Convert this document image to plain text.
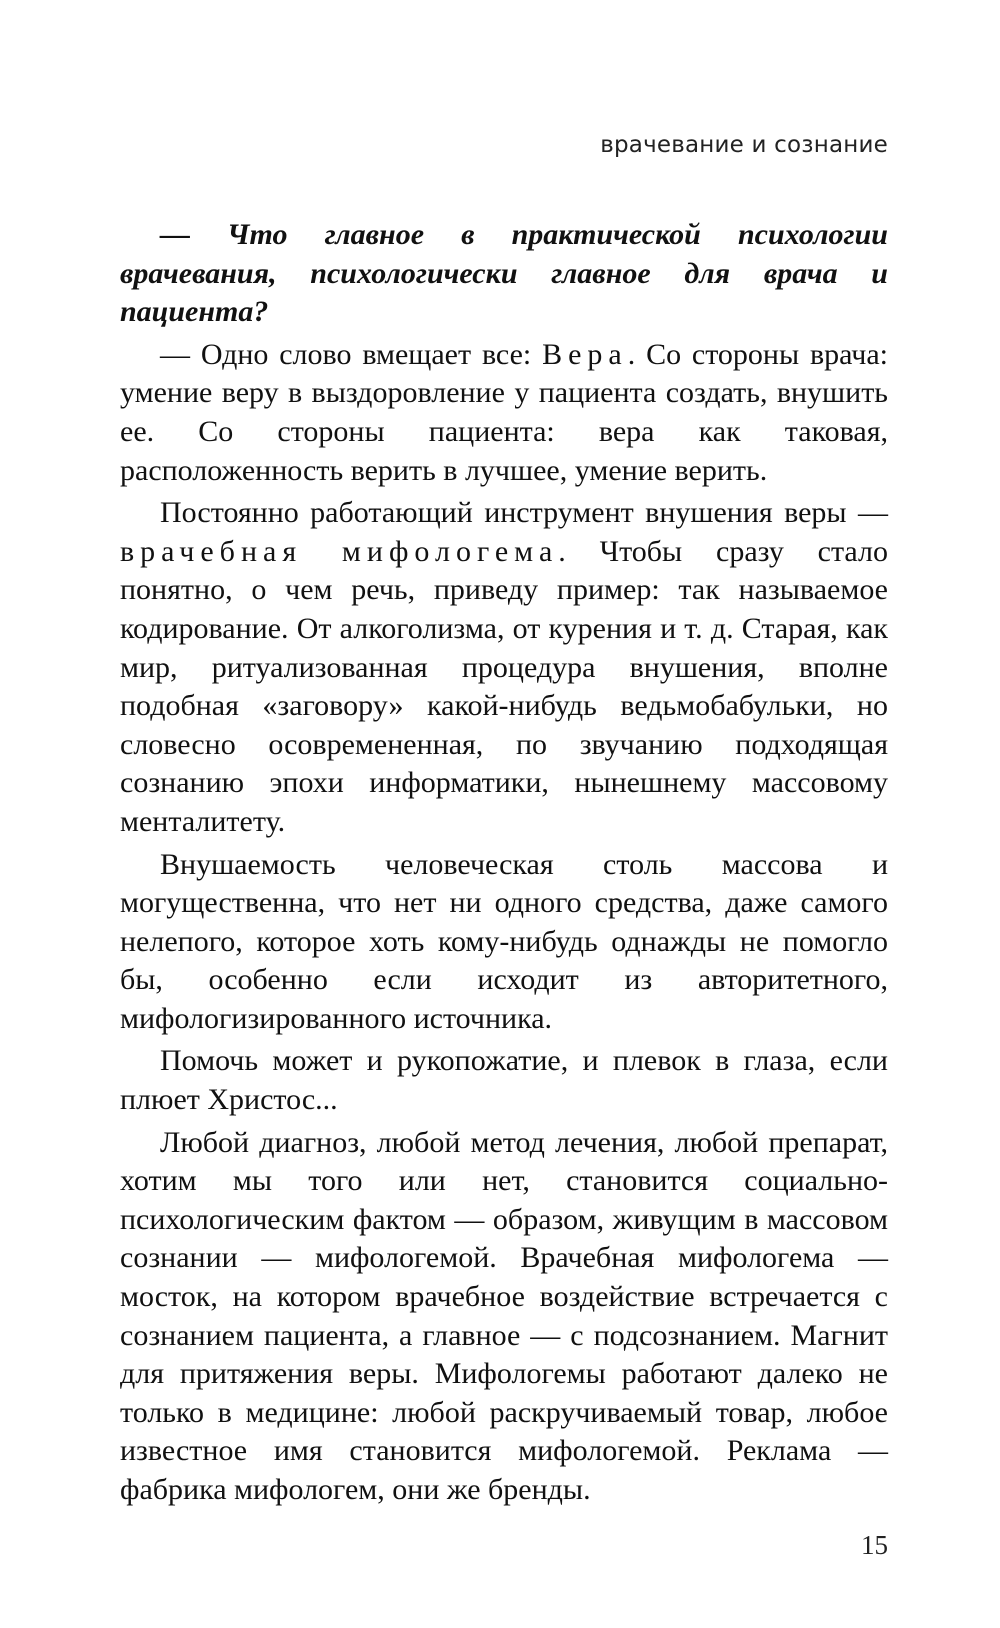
врачевание и сознание

— Что главное в практической психологии врачевания, психологически главное для врача и пациента?

— Одно слово вмещает все: Вера. Со стороны врача: умение веру в выздоровление у пациента создать, внушить ее. Со стороны пациента: вера как таковая, расположенность верить в лучшее, умение верить.

Постоянно работающий инструмент внушения веры — врачебная мифологема. Чтобы сразу стало понятно, о чем речь, приведу пример: так называемое кодирование. От алкоголизма, от курения и т. д. Старая, как мир, ритуализованная процедура внушения, вполне подобная «заговору» какой-нибудь ведьмобабульки, но словесно осовремененная, по звучанию подходящая сознанию эпохи информатики, нынешнему массовому менталитету.

Внушаемость человеческая столь массова и могущественна, что нет ни одного средства, даже самого нелепого, которое хоть кому-нибудь однажды не помогло бы, особенно если исходит из авторитетного, мифологизированного источника.

Помочь может и рукопожатие, и плевок в глаза, если плюет Христос...

Любой диагноз, любой метод лечения, любой препарат, хотим мы того или нет, становится социально-психологическим фактом — образом, живущим в массовом сознании — мифологемой. Врачебная мифологема — мосток, на котором врачебное воздействие встречается с сознанием пациента, а главное — с подсознанием. Магнит для притяжения веры. Мифологемы работают далеко не только в медицине: любой раскручиваемый товар, любое известное имя становится мифологемой. Реклама — фабрика мифологем, они же бренды.

15
